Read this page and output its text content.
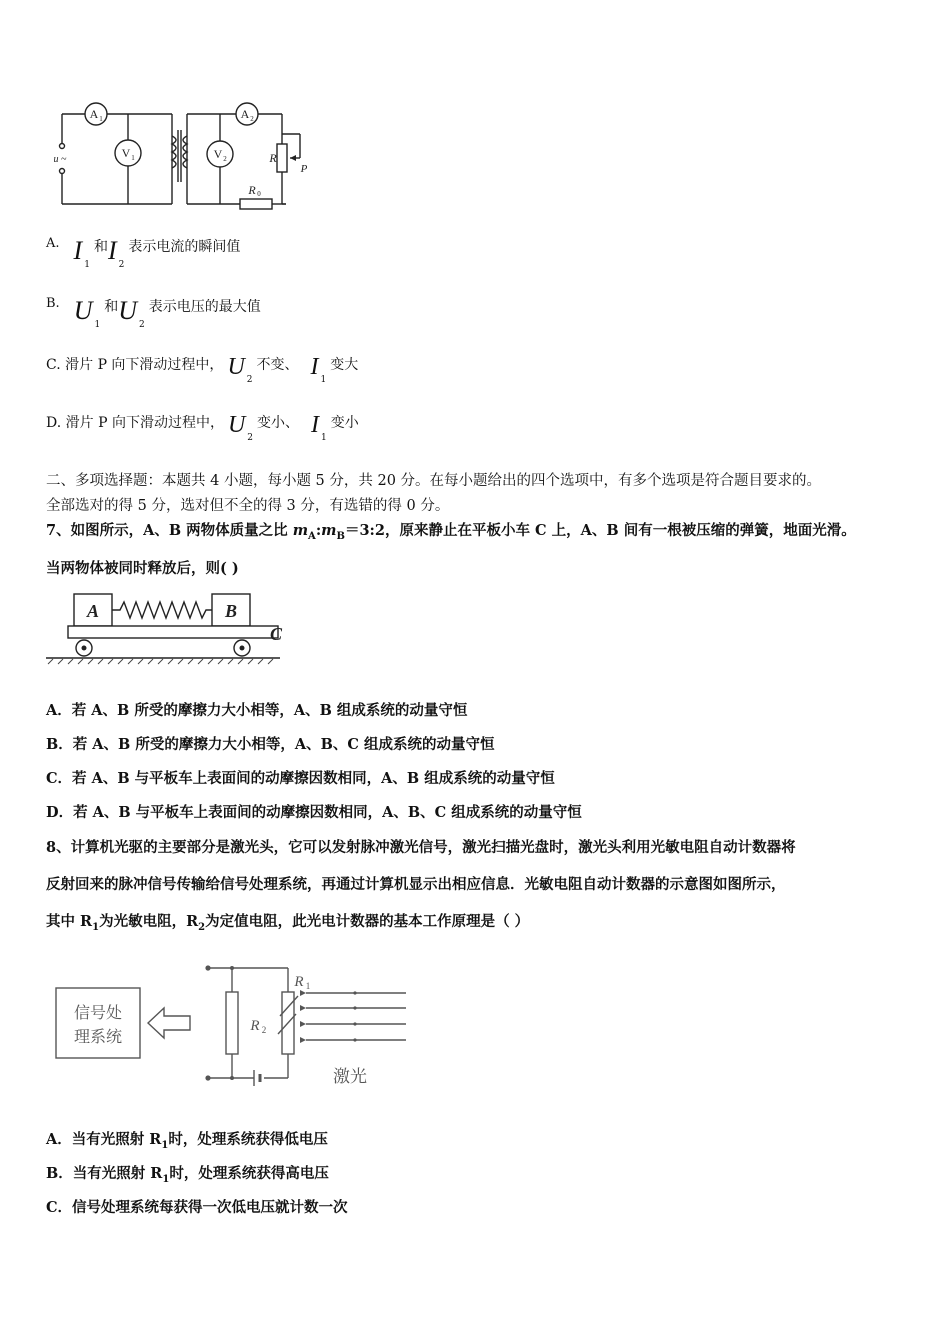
A 1
V 1
A 2
V 2
u ~	R
P
R 0
A. I $_1$和I $_2$表示电流的瞬间值
B. U $_1$和U $_2$表示电压的最大值
C. 滑片 P 向下滑动过程中， U $_2$不变、 I $_1$变大
D. 滑片 P 向下滑动过程中， U $_2$变小、 I $_1$变小
二、多项选择题：本题共 4 小题，每小题 5 分，共 20 分。在每小题给出的四个选项中，有多个选项是符合题目要求的。
全部选对的得 5 分，选对但不全的得 3 分，有选错的得 0 分。
7、如图所示，A、B 两物体质量之比 $m_A:m_B=3:2$，原来静止在平板小车 C 上，A、B 间有一根被压缩的弹簧，地面光滑。
当两物体被同时释放后，则( )
A	B
C
A．若 A、B 所受的摩擦力大小相等，A、B 组成系统的动量守恒
B．若 A、B 所受的摩擦力大小相等，A、B、C 组成系统的动量守恒
C．若 A、B 与平板车上表面间的动摩擦因数相同，A、B 组成系统的动量守恒
D．若 A、B 与平板车上表面间的动摩擦因数相同，A、B、C 组成系统的动量守恒
8、计算机光驱的主要部分是激光头，它可以发射脉冲激光信号，激光扫描光盘时，激光头利用光敏电阻自动计数器将
反射回来的脉冲信号传输给信号处理系统，再通过计算机显示出相应信息．光敏电阻自动计数器的示意图如图所示，
其中 $R_1$为光敏电阻，$R_2$为定值电阻，此光电计数器的基本工作原理是（ ）
信号处
理系统
激光
R 2
R 1
A．当有光照射 $R_1$时，处理系统获得低电压
B．当有光照射 $R_1$时，处理系统获得高电压
C．信号处理系统每获得一次低电压就计数一次
